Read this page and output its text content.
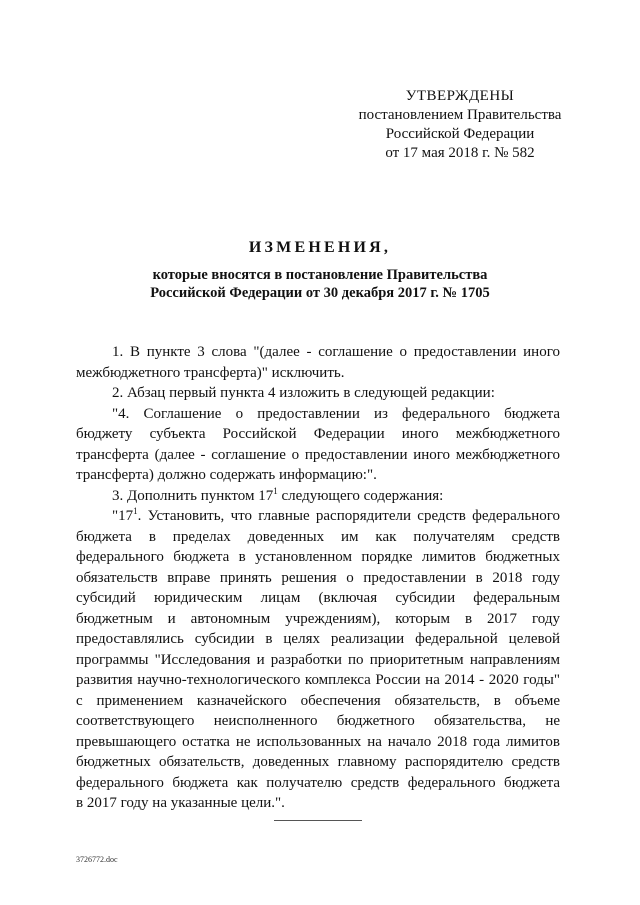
УТВЕРЖДЕНЫ
постановлением Правительства
Российской Федерации
от 17 мая 2018 г. № 582
ИЗМЕНЕНИЯ,
которые вносятся в постановление Правительства
Российской Федерации от 30 декабря 2017 г. № 1705

1. В пункте 3 слова "(далее - соглашение о предоставлении иного
межбюджетного трансферта)" исключить.

2. Абзац первый пункта 4 изложить в следующей редакции:

"4. Соглашение о предоставлении из федерального бюджета
бюджету субъекта Российской Федерации иного межбюджетного
трансферта (далее - соглашение о предоставлении иного межбюджетного
трансферта) должно содержать информацию:".

3. Дополнить пунктом $17^1$ следующего содержания:

"$17^1$. Установить, что главные распорядители средств федерального
бюджета в пределах доведенных им как получателям средств
федерального бюджета в установленном порядке лимитов бюджетных
обязательств вправе принять решения о предоставлении в 2018 году
субсидий юридическим лицам (включая субсидии федеральным
бюджетным и автономным учреждениям), которым в 2017 году
предоставлялись субсидии в целях реализации федеральной целевой
программы "Исследования и разработки по приоритетным направлениям
развития научно-технологического комплекса России на 2014 - 2020 годы"
с применением казначейского обеспечения обязательств, в объеме
соответствующего неисполненного бюджетного обязательства, не
превышающего остатка не использованных на начало 2018 года лимитов
бюджетных обязательств, доведенных главному распорядителю средств
федерального бюджета как получателю средств федерального бюджета
в 2017 году на указанные цели.".

3726772.doc
